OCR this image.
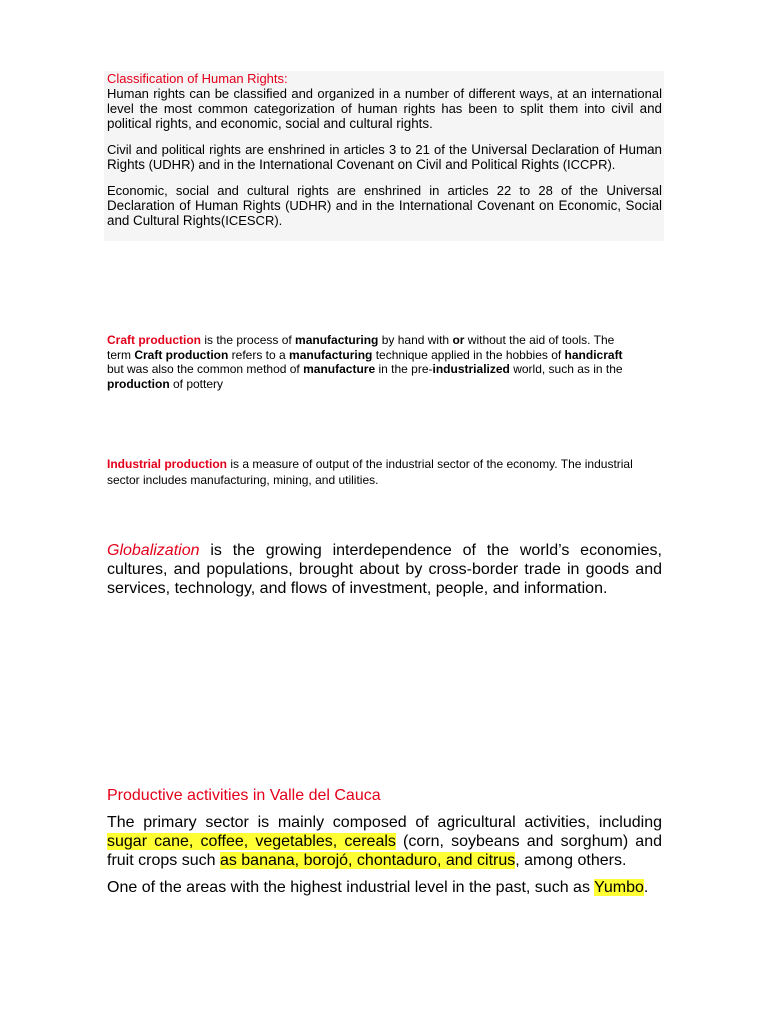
Classification of Human Rights:
Human rights can be classified and organized in a number of different ways, at an international level the most common categorization of human rights has been to split them into civil and political rights, and economic, social and cultural rights.

Civil and political rights are enshrined in articles 3 to 21 of the Universal Declaration of Human Rights (UDHR) and in the International Covenant on Civil and Political Rights (ICCPR).

Economic, social and cultural rights are enshrined in articles 22 to 28 of the Universal Declaration of Human Rights (UDHR) and in the International Covenant on Economic, Social and Cultural Rights(ICESCR).

Craft production is the process of manufacturing by hand with or without the aid of tools. The term Craft production refers to a manufacturing technique applied in the hobbies of handicraft but was also the common method of manufacture in the pre-industrialized world, such as in the production of pottery

Industrial production is a measure of output of the industrial sector of the economy. The industrial sector includes manufacturing, mining, and utilities.

Globalization is the growing interdependence of the world’s economies, cultures, and populations, brought about by cross-border trade in goods and services, technology, and flows of investment, people, and information.

Productive activities in Valle del Cauca

The primary sector is mainly composed of agricultural activities, including sugar cane, coffee, vegetables, cereals (corn, soybeans and sorghum) and fruit crops such as banana, borojó, chontaduro, and citrus, among others.

One of the areas with the highest industrial level in the past, such as Yumbo.
